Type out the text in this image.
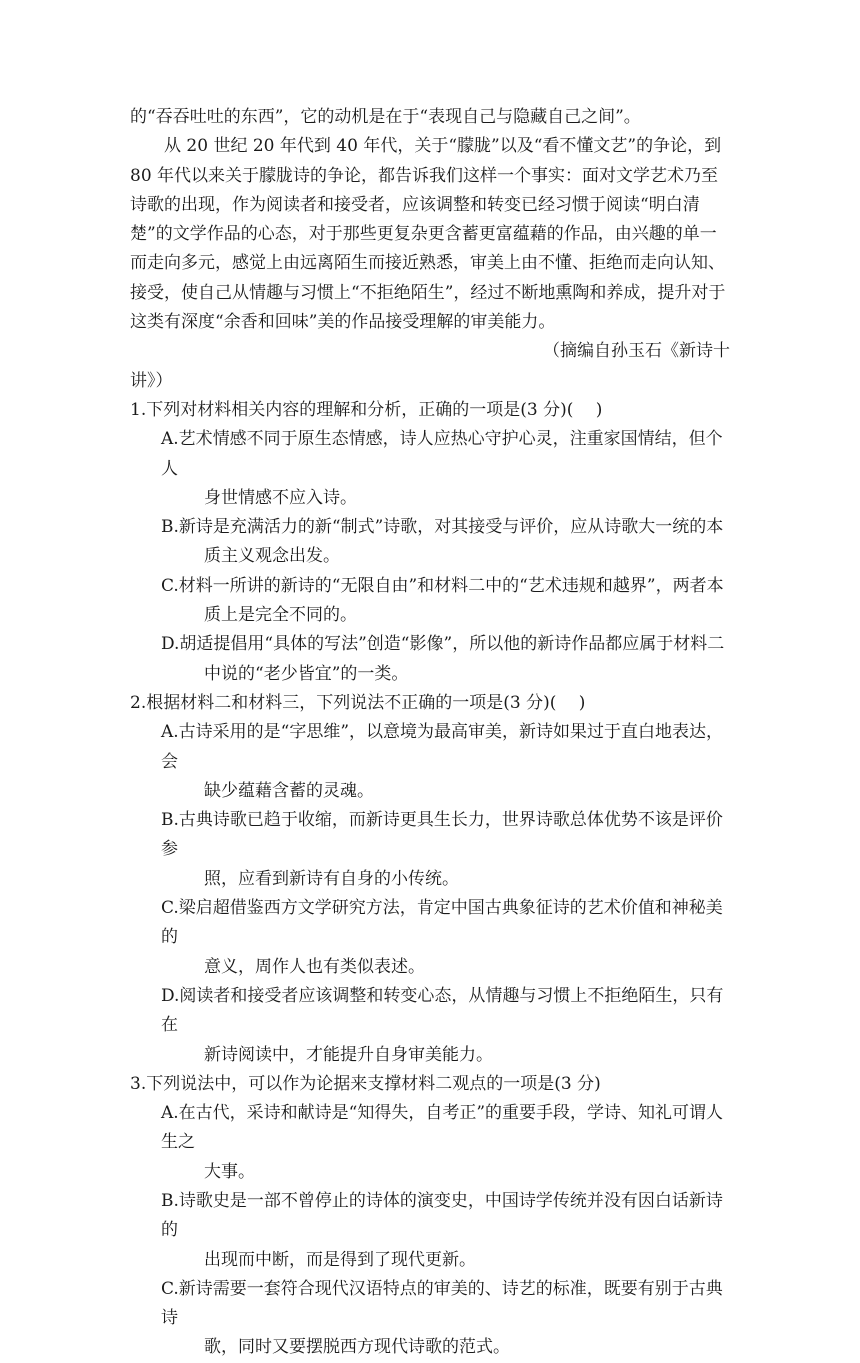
的“吞吞吐吐的东西”，它的动机是在于“表现自己与隐藏自己之间”。

从 20 世纪 20 年代到 40 年代，关于“朦胧”以及“看不懂文艺”的争论，到 80 年代以来关于朦胧诗的争论，都告诉我们这样一个事实：面对文学艺术乃至诗歌的出现，作为阅读者和接受者，应该调整和转变已经习惯于阅读“明白清楚”的文学作品的心态，对于那些更复杂更含蓄更富蕴藉的作品，由兴趣的单一而走向多元，感觉上由远离陌生而接近熟悉，审美上由不懂、拒绝而走向认知、接受，使自己从情趣与习惯上“不拒绝陌生”，经过不断地熏陶和养成，提升对于这类有深度“余香和回味”美的作品接受理解的审美能力。

（摘编自孙玉石《新诗十

讲》）

1.下列对材料相关内容的理解和分析，正确的一项是(3 分)(　 )

A.艺术情感不同于原生态情感，诗人应热心守护心灵，注重家国情结，但个人
身世情感不应入诗。
B.新诗是充满活力的新“制式”诗歌，对其接受与评价，应从诗歌大一统的本
质主义观念出发。
C.材料一所讲的新诗的“无限自由”和材料二中的“艺术违规和越界”，两者本
质上是完全不同的。
D.胡适提倡用“具体的写法”创造“影像”，所以他的新诗作品都应属于材料二
中说的“老少皆宜”的一类。

2.根据材料二和材料三，下列说法不正确的一项是(3 分)(　 )

A.古诗采用的是“字思维”，以意境为最高审美，新诗如果过于直白地表达，会
缺少蕴藉含蓄的灵魂。
B.古典诗歌已趋于收缩，而新诗更具生长力，世界诗歌总体优势不该是评价参
照，应看到新诗有自身的小传统。
C.梁启超借鉴西方文学研究方法，肯定中国古典象征诗的艺术价值和神秘美的
意义，周作人也有类似表述。
D.阅读者和接受者应该调整和转变心态，从情趣与习惯上不拒绝陌生，只有在
新诗阅读中，才能提升自身审美能力。

3.下列说法中，可以作为论据来支撑材料二观点的一项是(3 分)

A.在古代，采诗和献诗是“知得失，自考正”的重要手段，学诗、知礼可谓人生之
大事。
B.诗歌史是一部不曾停止的诗体的演变史，中国诗学传统并没有因白话新诗的
出现而中断，而是得到了现代更新。
C.新诗需要一套符合现代汉语特点的审美的、诗艺的标准，既要有别于古典诗
歌，同时又要摆脱西方现代诗歌的范式。
